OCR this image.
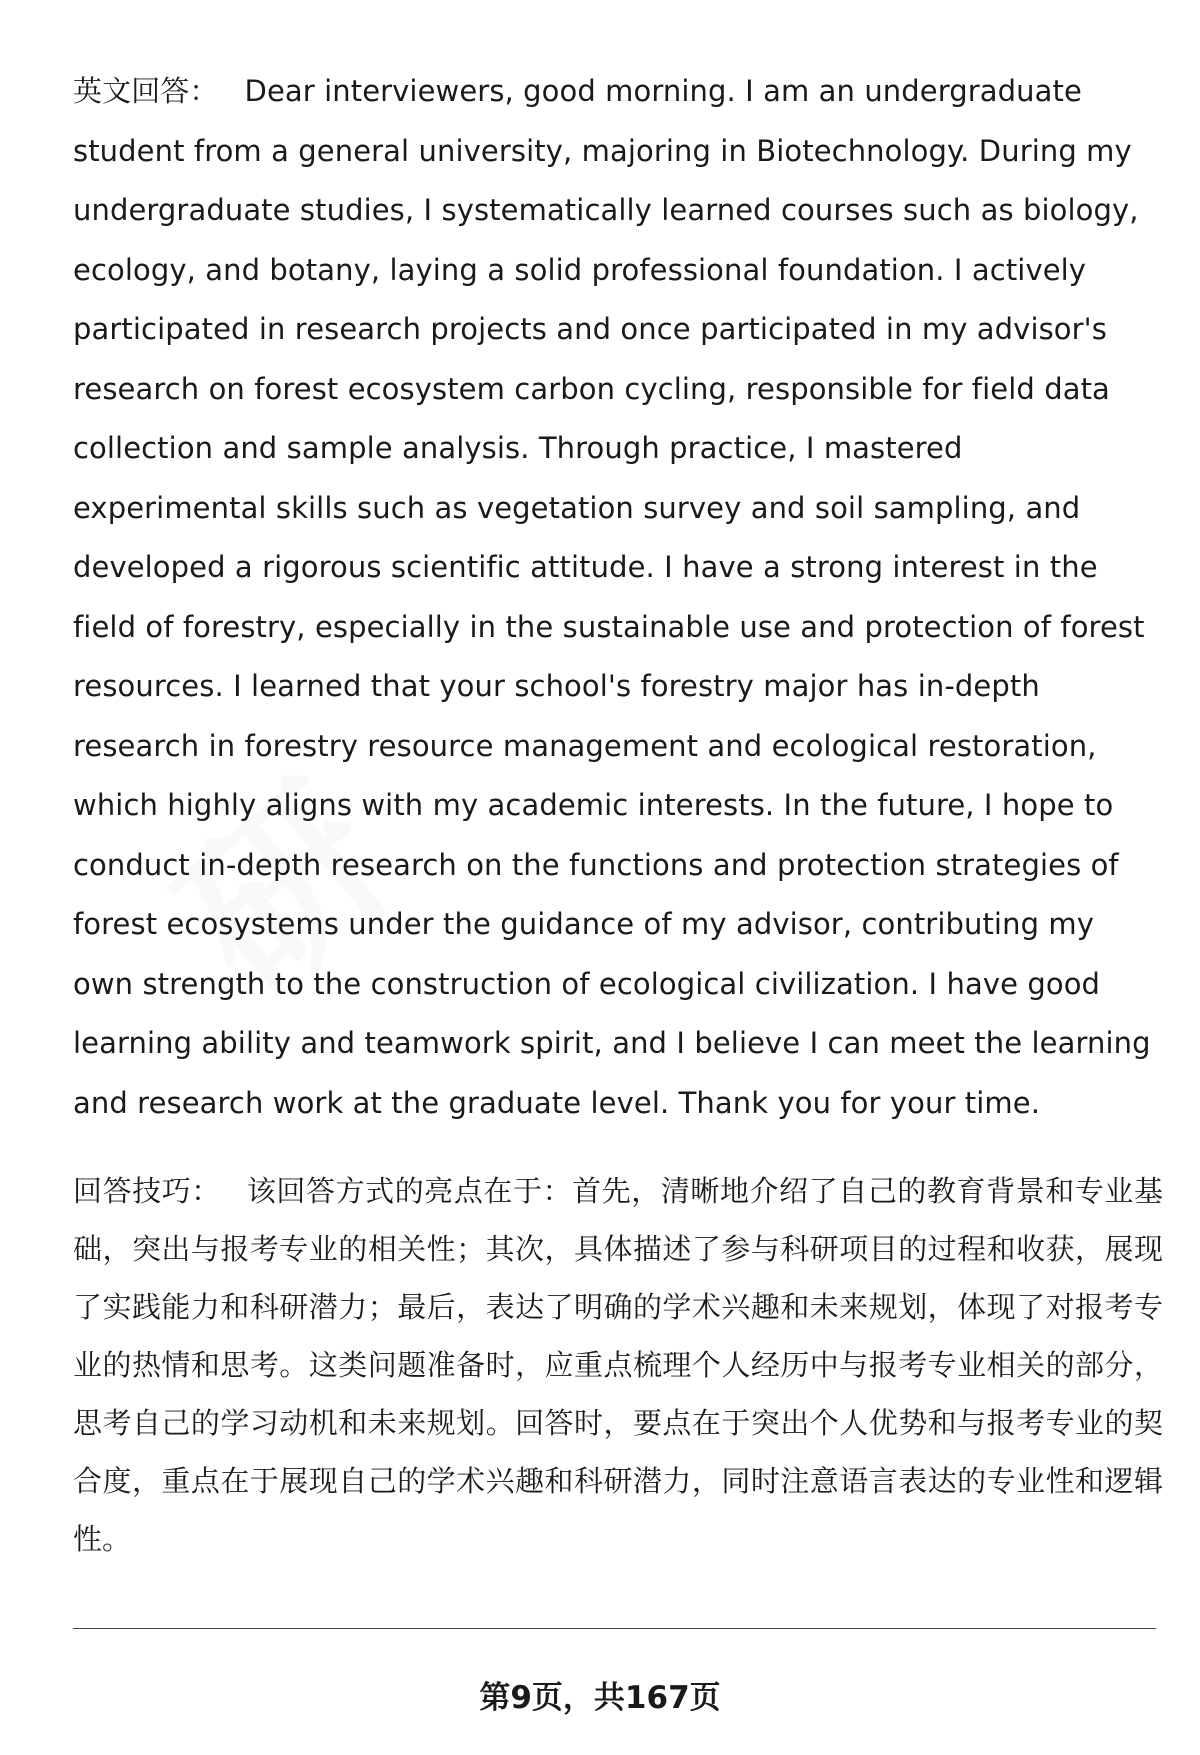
研

英文回答： Dear interviewers, good morning. I am an undergraduate student from a general university, majoring in Biotechnology. During my undergraduate studies, I systematically learned courses such as biology, ecology, and botany, laying a solid professional foundation. I actively participated in research projects and once participated in my advisor's research on forest ecosystem carbon cycling, responsible for field data collection and sample analysis. Through practice, I mastered experimental skills such as vegetation survey and soil sampling, and developed a rigorous scientific attitude. I have a strong interest in the field of forestry, especially in the sustainable use and protection of forest resources. I learned that your school's forestry major has in-depth research in forestry resource management and ecological restoration, which highly aligns with my academic interests. In the future, I hope to conduct in-depth research on the functions and protection strategies of forest ecosystems under the guidance of my advisor, contributing my own strength to the construction of ecological civilization. I have good learning ability and teamwork spirit, and I believe I can meet the learning and research work at the graduate level. Thank you for your time.

回答技巧： 该回答方式的亮点在于：首先，清晰地介绍了自己的教育背景和专业基础，突出与报考专业的相关性；其次，具体描述了参与科研项目的过程和收获，展现了实践能力和科研潜力；最后，表达了明确的学术兴趣和未来规划，体现了对报考专业的热情和思考。这类问题准备时，应重点梳理个人经历中与报考专业相关的部分，思考自己的学习动机和未来规划。回答时，要点在于突出个人优势和与报考专业的契合度，重点在于展现自己的学术兴趣和科研潜力，同时注意语言表达的专业性和逻辑性。

第9页，共167页
